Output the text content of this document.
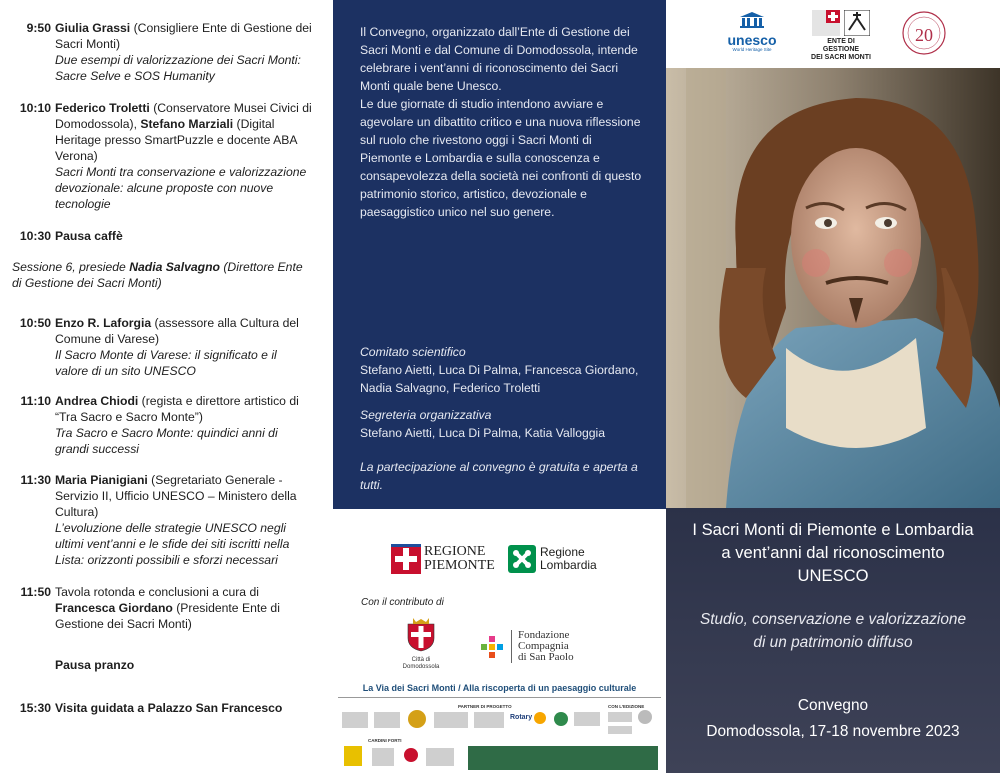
9:50 Giulia Grassi (Consigliere Ente di Gestione dei Sacri Monti)
Due esempi di valorizzazione dei Sacri Monti: Sacre Selve e SOS Humanity
10:10 Federico Troletti (Conservatore Musei Civici di Domodossola), Stefano Marziali (Digital Heritage presso SmartPuzzle e docente ABA Verona)
Sacri Monti tra conservazione e valorizzazione devozionale: alcune proposte con nuove tecnologie
10:30 Pausa caffè
10:50 Enzo R. Laforgia (assessore alla Cultura del Comune di Varese)
Il Sacro Monte di Varese: il significato e il valore di un sito UNESCO
11:10 Andrea Chiodi (regista e direttore artistico di “Tra Sacro e Sacro Monte”)
Tra Sacro e Sacro Monte: quindici anni di grandi successi
11:30 Maria Pianigiani (Segretariato Generale - Servizio II, Ufficio UNESCO – Ministero della Cultura)
L’evoluzione delle strategie UNESCO negli ultimi vent’anni e le sfide dei siti iscritti nella Lista: orizzonti possibili e sforzi necessari
11:50 Tavola rotonda e conclusioni a cura di Francesca Giordano (Presidente Ente di Gestione dei Sacri Monti)
Pausa pranzo
15:30 Visita guidata a Palazzo San Francesco
Sessione 6, presiede Nadia Salvagno (Direttore Ente di Gestione dei Sacri Monti)
Il Convegno, organizzato dall’Ente di Gestione dei Sacri Monti e dal Comune di Domodossola, intende celebrare i vent’anni di riconoscimento dei Sacri Monti quale bene Unesco.
Le due giornate di studio intendono avviare e agevolare un dibattito critico e una nuova riflessione sul ruolo che rivestono oggi i Sacri Monti di Piemonte e Lombardia e sulla conoscenza e consapevolezza della società nei confronti di questo patrimonio storico, artistico, devozionale e paesaggistico unico nel suo genere.
Comitato scientifico
Stefano Aietti, Luca Di Palma, Francesca Giordano, Nadia Salvagno, Federico Troletti
Segreteria organizzativa
Stefano Aietti, Luca Di Palma, Katia Valloggia
La partecipazione al convegno è gratuita e aperta a tutti.
REGIONE
PIEMONTE
Regione
Lombardia
Con il contributo di
Città di
Domodossola
Fondazione
Compagnia
di San Paolo
La Via dei Sacri Monti / Alla riscoperta di un paesaggio culturale
PARTNER DI PROGETTO	CON L’EDIZIONE
CARDINI FORTI
Rotary
unesco
World Heritage Site
ENTE DI GESTIONE
DEI SACRI MONTI
20
I Sacri Monti di Piemonte e Lombardia a vent’anni dal riconoscimento UNESCO
Studio, conservazione e valorizzazione di un patrimonio diffuso
Convegno
Domodossola, 17-18 novembre 2023
